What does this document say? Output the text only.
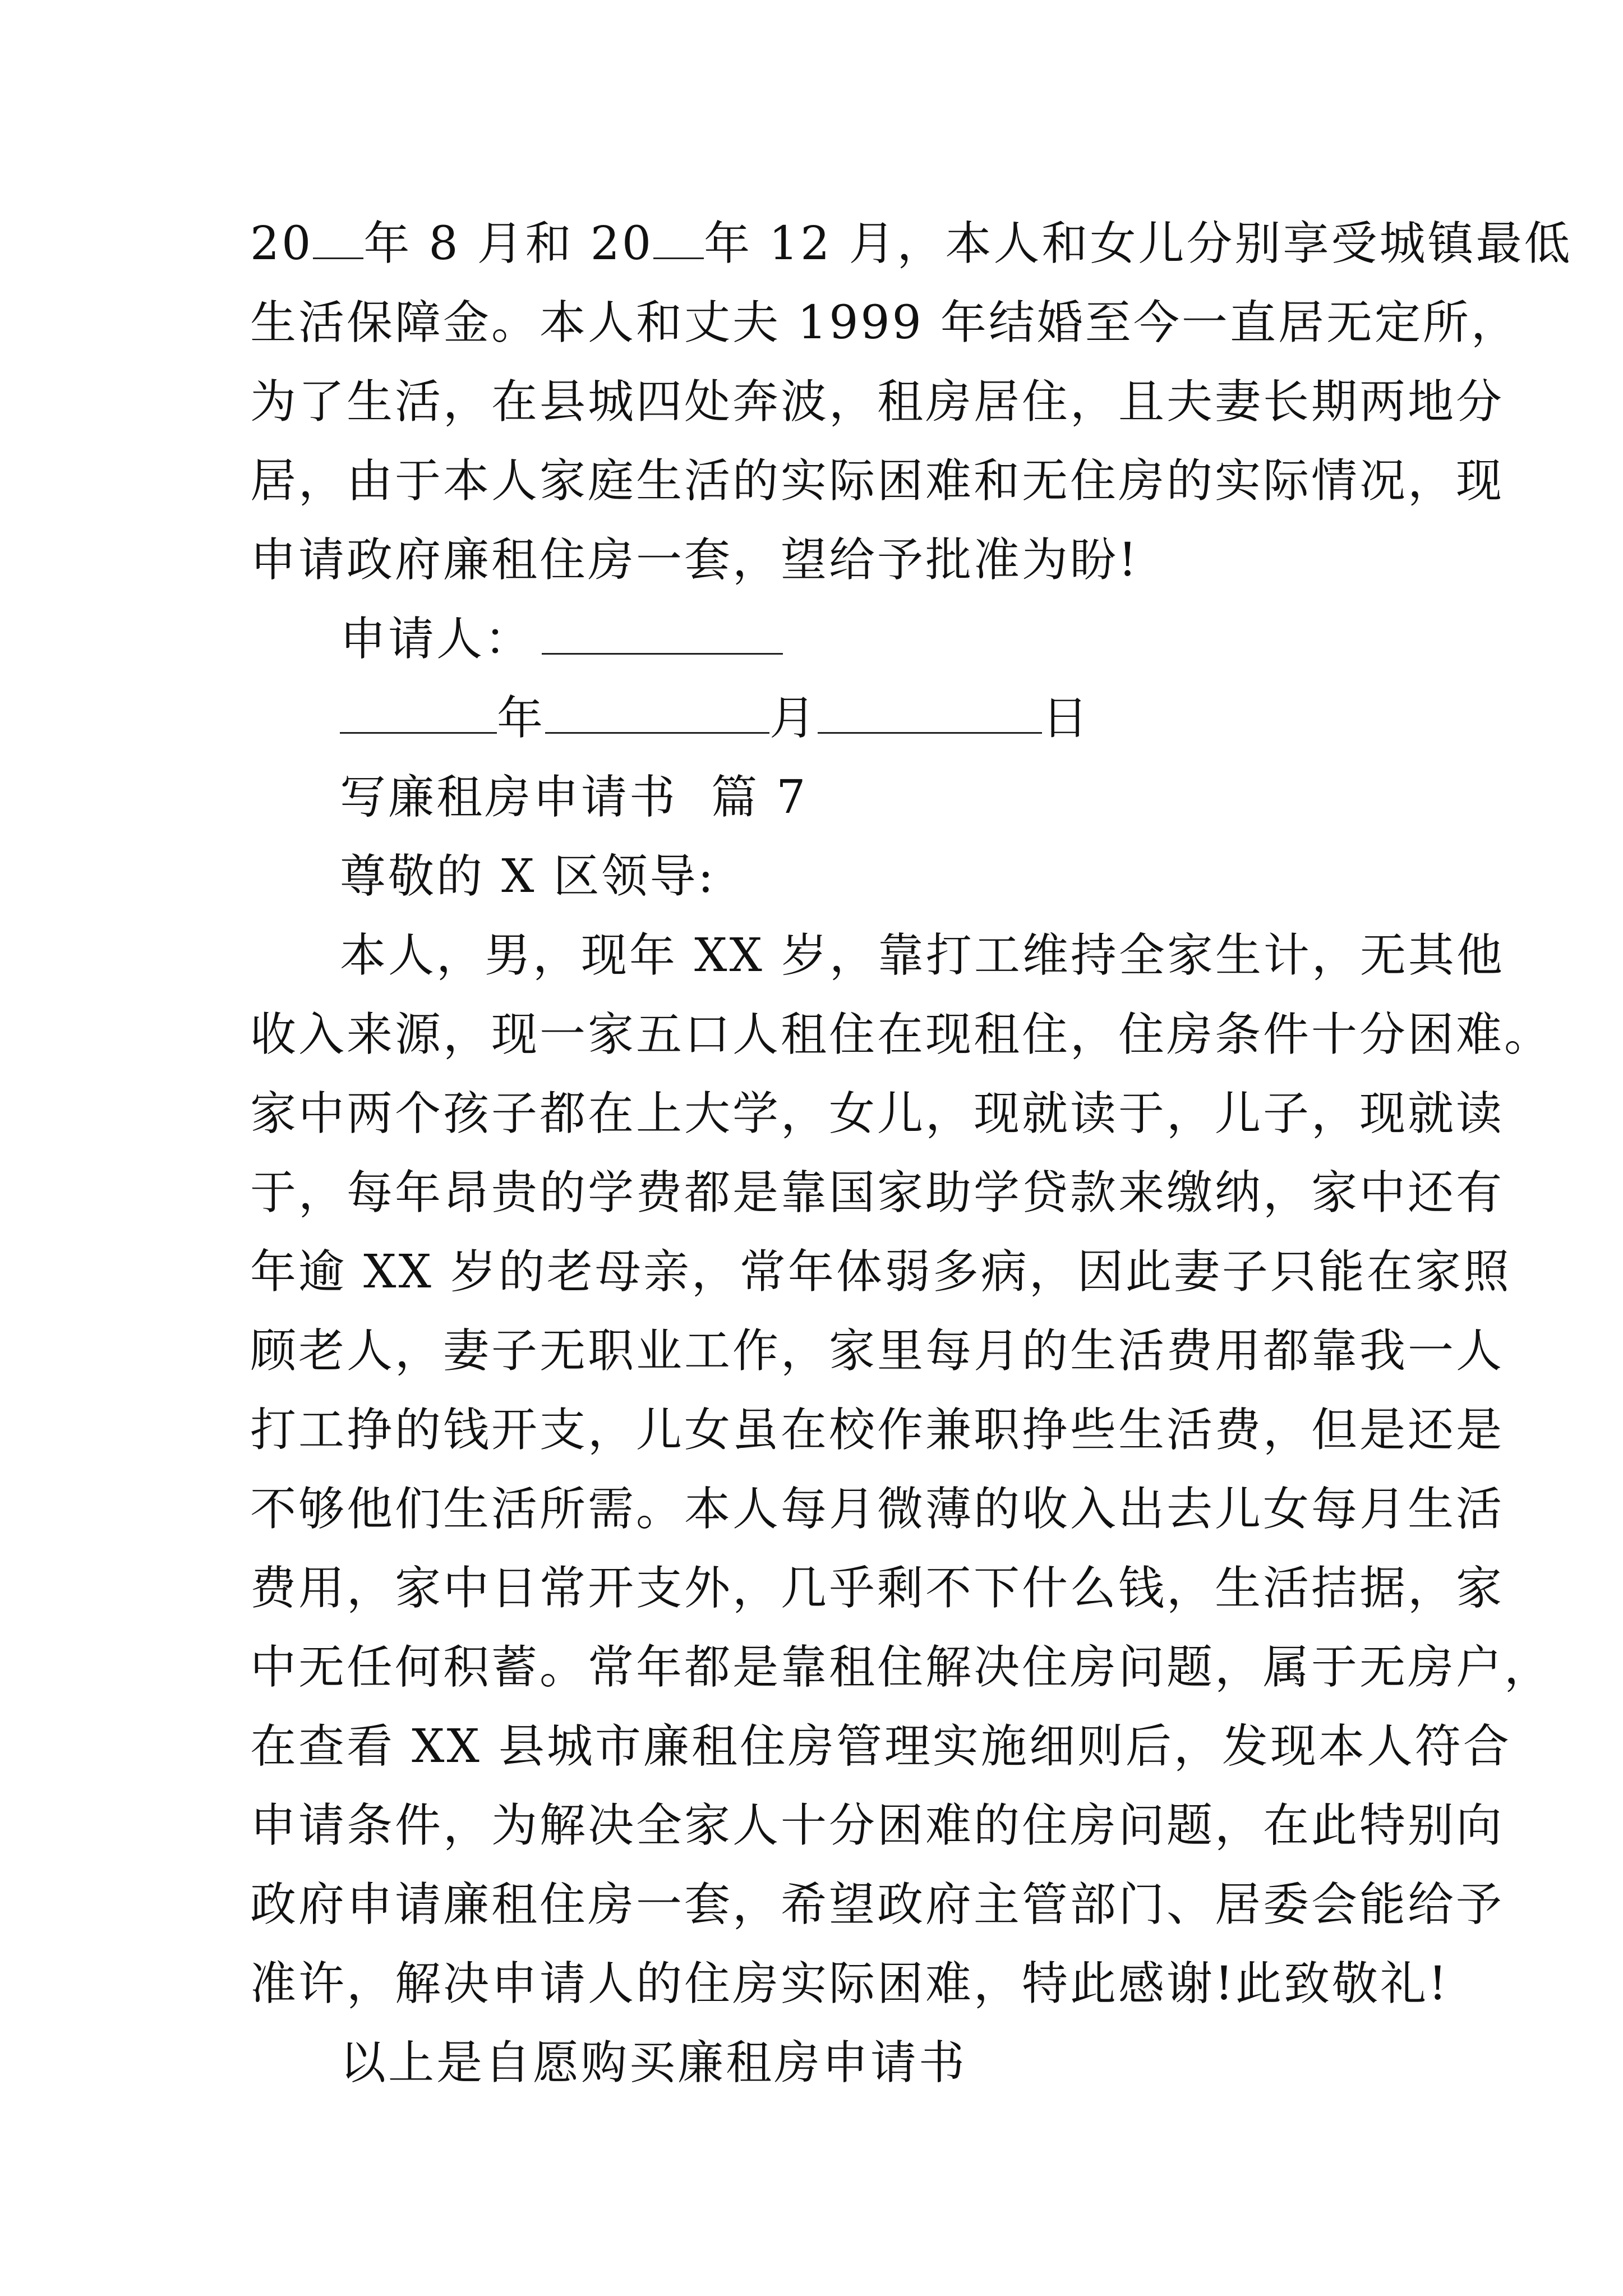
20 年 8 月和 20 年 12 月，本人和女儿分别享受城镇最低
生活保障金。本人和丈夫 1999 年结婚至今一直居无定所，
为了生活，在县城四处奔波，租房居住，且夫妻长期两地分
居，由于本人家庭生活的实际困难和无住房的实际情况，现
申请政府廉租住房一套，望给予批准为盼!
申请人：
年	月	日
写廉租房申请书  篇 7
尊敬的 X 区领导:
本人，男，现年 XX 岁，靠打工维持全家生计，无其他
收入来源，现一家五口人租住在现租住，住房条件十分困难。
家中两个孩子都在上大学，女儿，现就读于，儿子，现就读
于，每年昂贵的学费都是靠国家助学贷款来缴纳，家中还有
年逾 XX 岁的老母亲，常年体弱多病，因此妻子只能在家照
顾老人，妻子无职业工作，家里每月的生活费用都靠我一人
打工挣的钱开支，儿女虽在校作兼职挣些生活费，但是还是
不够他们生活所需。本人每月微薄的收入出去儿女每月生活
费用，家中日常开支外，几乎剩不下什么钱，生活拮据，家
中无任何积蓄。常年都是靠租住解决住房问题，属于无房户，
在查看 XX 县城市廉租住房管理实施细则后，发现本人符合
申请条件，为解决全家人十分困难的住房问题，在此特别向
政府申请廉租住房一套，希望政府主管部门、居委会能给予
准许，解决申请人的住房实际困难，特此感谢!此致敬礼!
以上是自愿购买廉租房申请书
